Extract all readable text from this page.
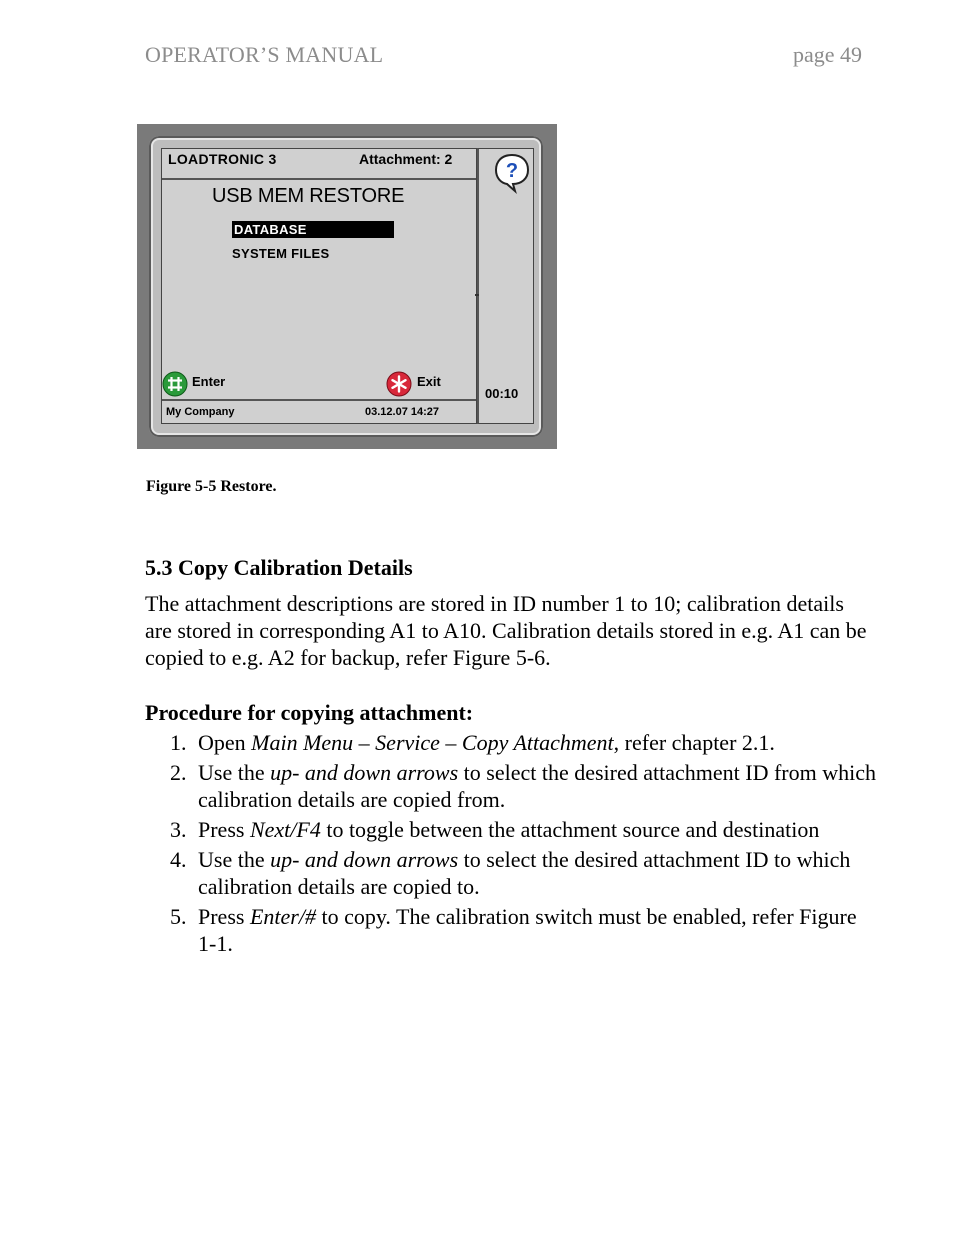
OPERATOR’S MANUAL	page 49
LOADTRONIC 3	Attachment: 2
USB MEM RESTORE
DATABASE
SYSTEM FILES
Enter	Exit
My Company	03.12.07 14:27
?
00:10
Figure 5-5 Restore.
5.3 Copy Calibration Details
The attachment descriptions are stored in ID number 1 to 10; calibration details are stored in corresponding A1 to A10. Calibration details stored in e.g. A1 can be copied to e.g. A2 for backup, refer Figure 5-6.
Procedure for copying attachment:
1. Open Main Menu – Service – Copy Attachment, refer chapter 2.1.
2. Use the up- and down arrows to select the desired attachment ID from which calibration details are copied from.
3. Press Next/F4 to toggle between the attachment source and destination
4. Use the up- and down arrows to select the desired attachment ID to which calibration details are copied to.
5. Press Enter/# to copy. The calibration switch must be enabled, refer Figure 1-1.
